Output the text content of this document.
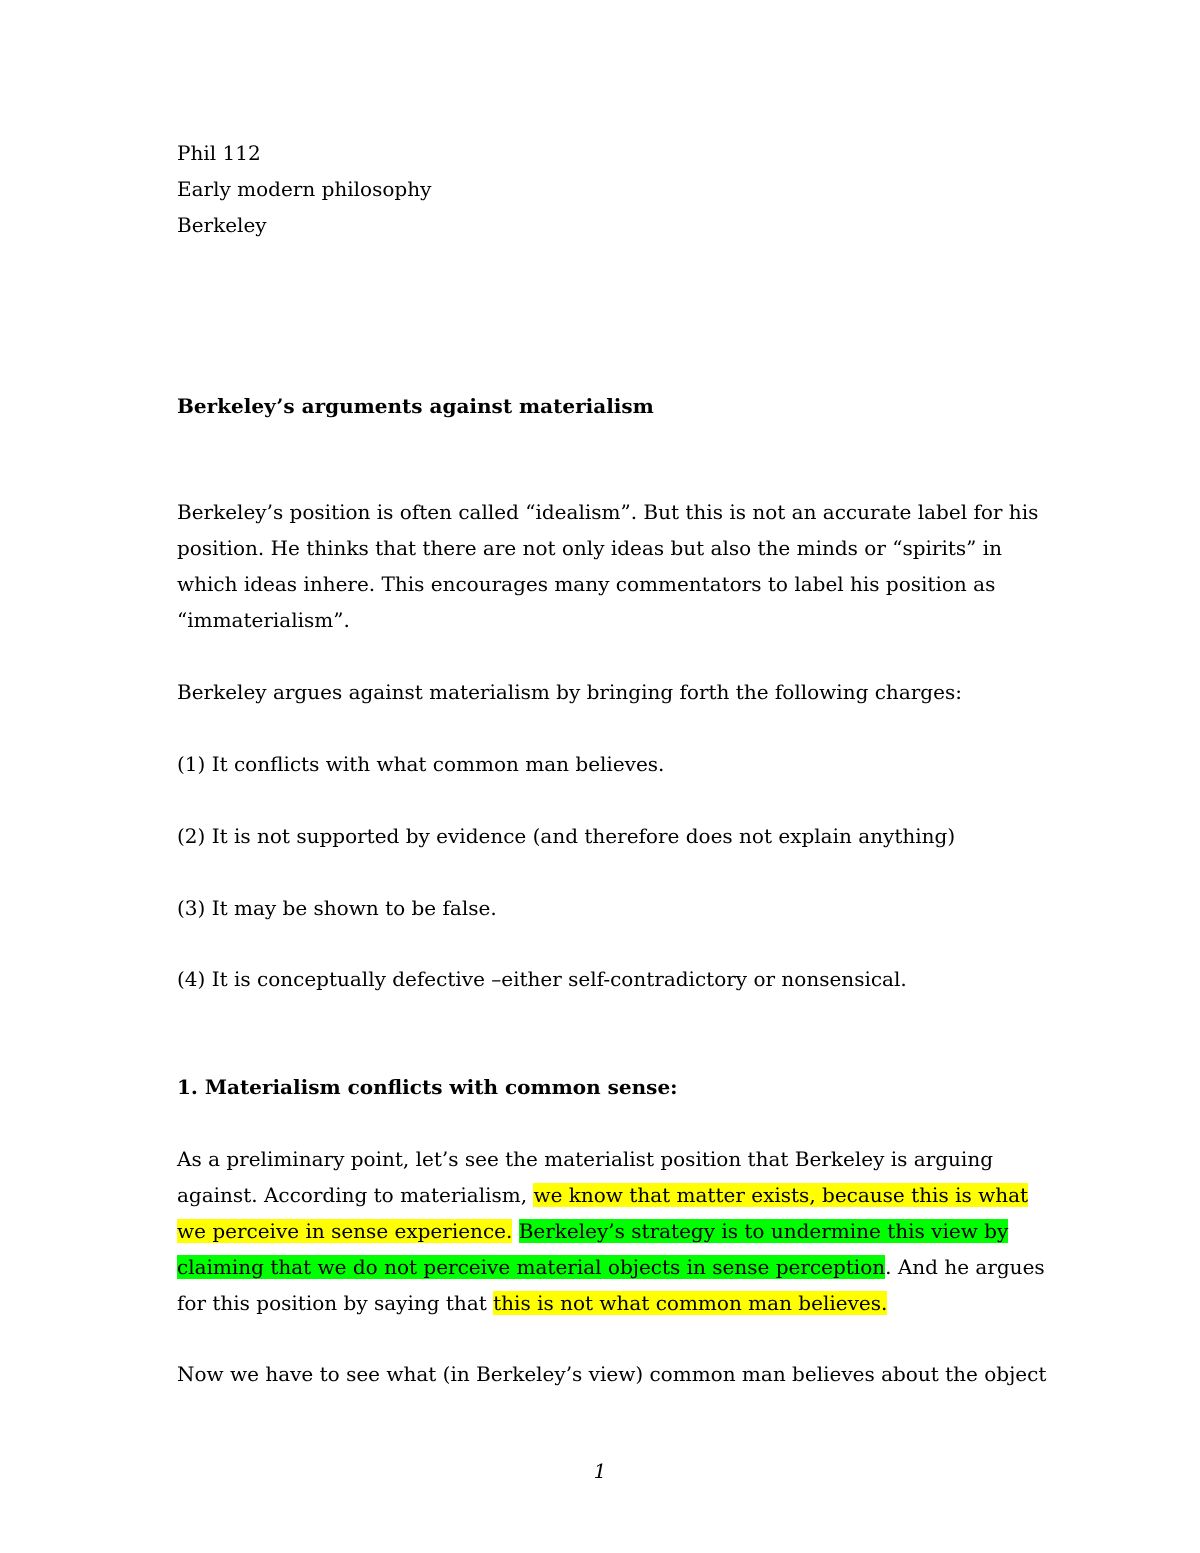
Phil 112
Early modern philosophy
Berkeley
Berkeley’s arguments against materialism
Berkeley’s position is often called “idealism”. But this is not an accurate label for his
position. He thinks that there are not only ideas but also the minds or “spirits” in
which ideas inhere. This encourages many commentators to label his position as
“immaterialism”.
Berkeley argues against materialism by bringing forth the following charges:
(1) It conflicts with what common man believes.
(2) It is not supported by evidence (and therefore does not explain anything)
(3) It may be shown to be false.
(4) It is conceptually defective –either self-contradictory or nonsensical.
1. Materialism conflicts with common sense:
As a preliminary point, let’s see the materialist position that Berkeley is arguing
against. According to materialism, we know that matter exists, because this is what
we perceive in sense experience. Berkeley’s strategy is to undermine this view by
claiming that we do not perceive material objects in sense perception. And he argues
for this position by saying that this is not what common man believes.
Now we have to see what (in Berkeley’s view) common man believes about the object
1
